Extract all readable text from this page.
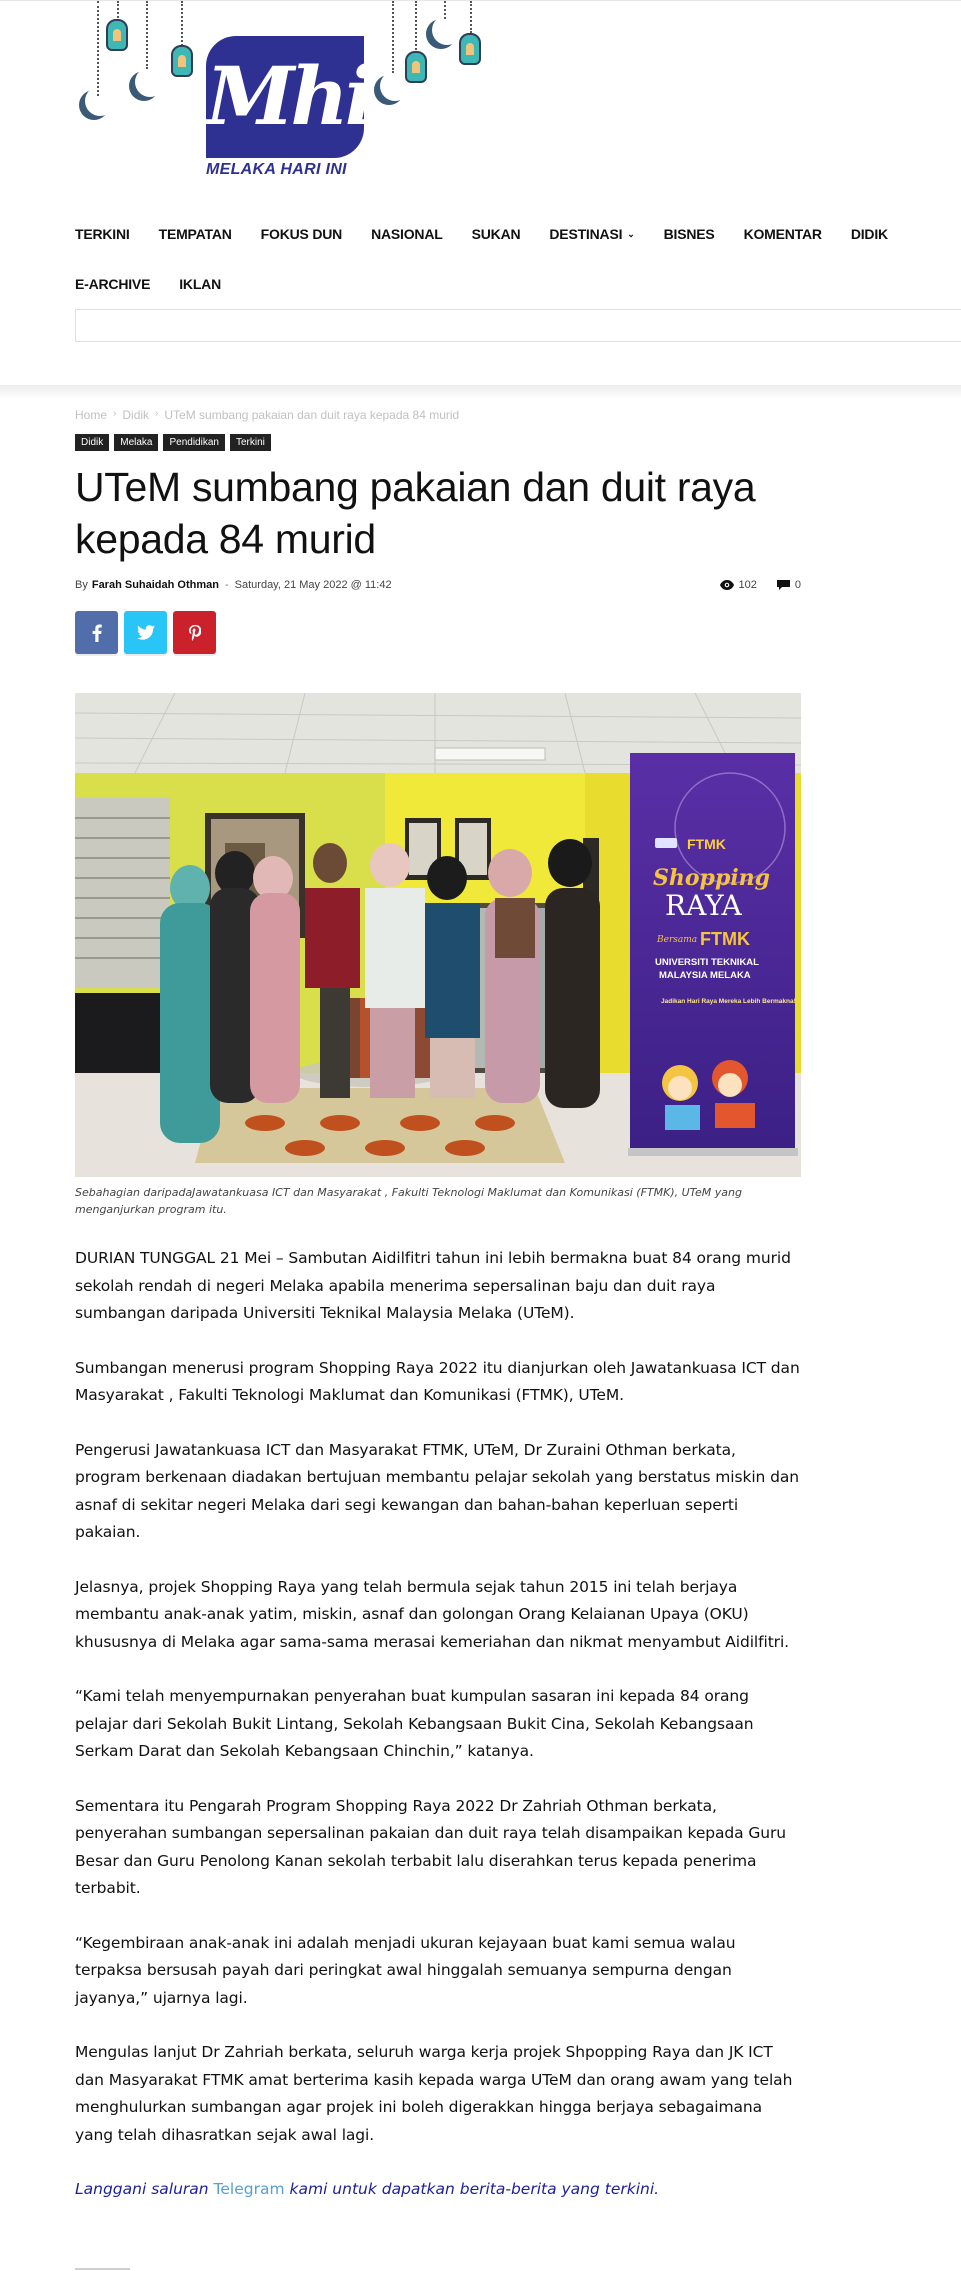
Mhi
MELAKA HARI INI
TERKINI TEMPATAN FOKUS DUN NASIONAL SUKAN DESTINASI ⌄ BISNES KOMENTAR DIDIK
E-ARCHIVE IKLAN
Home › Didik › UTeM sumbang pakaian dan duit raya kepada 84 murid
Didik	Melaka	Pendidikan	Terkini
UTeM sumbang pakaian dan duit raya kepada 84 murid
By Farah Suhaidah Othman - Saturday, 21 May 2022 @ 11:42	102	0
FTMK
Shopping
RAYA
Bersama FTMK
UNIVERSITI TEKNIKAL
MALAYSIA MELAKA
Jadikan Hari Raya Mereka Lebih Bermakna!

Sebahagian daripadaJawatankuasa ICT dan Masyarakat , Fakulti Teknologi Maklumat dan Komunikasi (FTMK), UTeM yang menganjurkan program itu.

DURIAN TUNGGAL 21 Mei – Sambutan Aidilfitri tahun ini lebih bermakna buat 84 orang murid sekolah rendah di negeri Melaka apabila menerima sepersalinan baju dan duit raya sumbangan daripada Universiti Teknikal Malaysia Melaka (UTeM).

Sumbangan menerusi program Shopping Raya 2022 itu dianjurkan oleh Jawatankuasa ICT dan Masyarakat , Fakulti Teknologi Maklumat dan Komunikasi (FTMK), UTeM.

Pengerusi Jawatankuasa ICT dan Masyarakat FTMK, UTeM, Dr Zuraini Othman berkata, program berkenaan diadakan bertujuan membantu pelajar sekolah yang berstatus miskin dan asnaf di sekitar negeri Melaka dari segi kewangan dan bahan-bahan keperluan seperti pakaian.

Jelasnya, projek Shopping Raya yang telah bermula sejak tahun 2015 ini telah berjaya membantu anak-anak yatim, miskin, asnaf dan golongan Orang Kelaianan Upaya (OKU) khususnya di Melaka agar sama-sama merasai kemeriahan dan nikmat menyambut Aidilfitri.

“Kami telah menyempurnakan penyerahan buat kumpulan sasaran ini kepada 84 orang pelajar dari Sekolah Bukit Lintang, Sekolah Kebangsaan Bukit Cina, Sekolah Kebangsaan Serkam Darat dan Sekolah Kebangsaan Chinchin,” katanya.

Sementara itu Pengarah Program Shopping Raya 2022 Dr Zahriah Othman berkata, penyerahan sumbangan sepersalinan pakaian dan duit raya telah disampaikan kepada Guru Besar dan Guru Penolong Kanan sekolah terbabit lalu diserahkan terus kepada penerima terbabit.

“Kegembiraan anak-anak ini adalah menjadi ukuran kejayaan buat kami semua walau terpaksa bersusah payah dari peringkat awal hinggalah semuanya sempurna dengan jayanya,” ujarnya lagi.

Mengulas lanjut Dr Zahriah berkata, seluruh warga kerja projek Shpopping Raya dan JK ICT dan Masyarakat FTMK amat berterima kasih kepada warga UTeM dan orang awam yang telah menghulurkan sumbangan agar projek ini boleh digerakkan hingga berjaya sebagaimana yang telah dihasratkan sejak awal lagi.

Langgani saluran Telegram kami untuk dapatkan berita-berita yang terkini.
